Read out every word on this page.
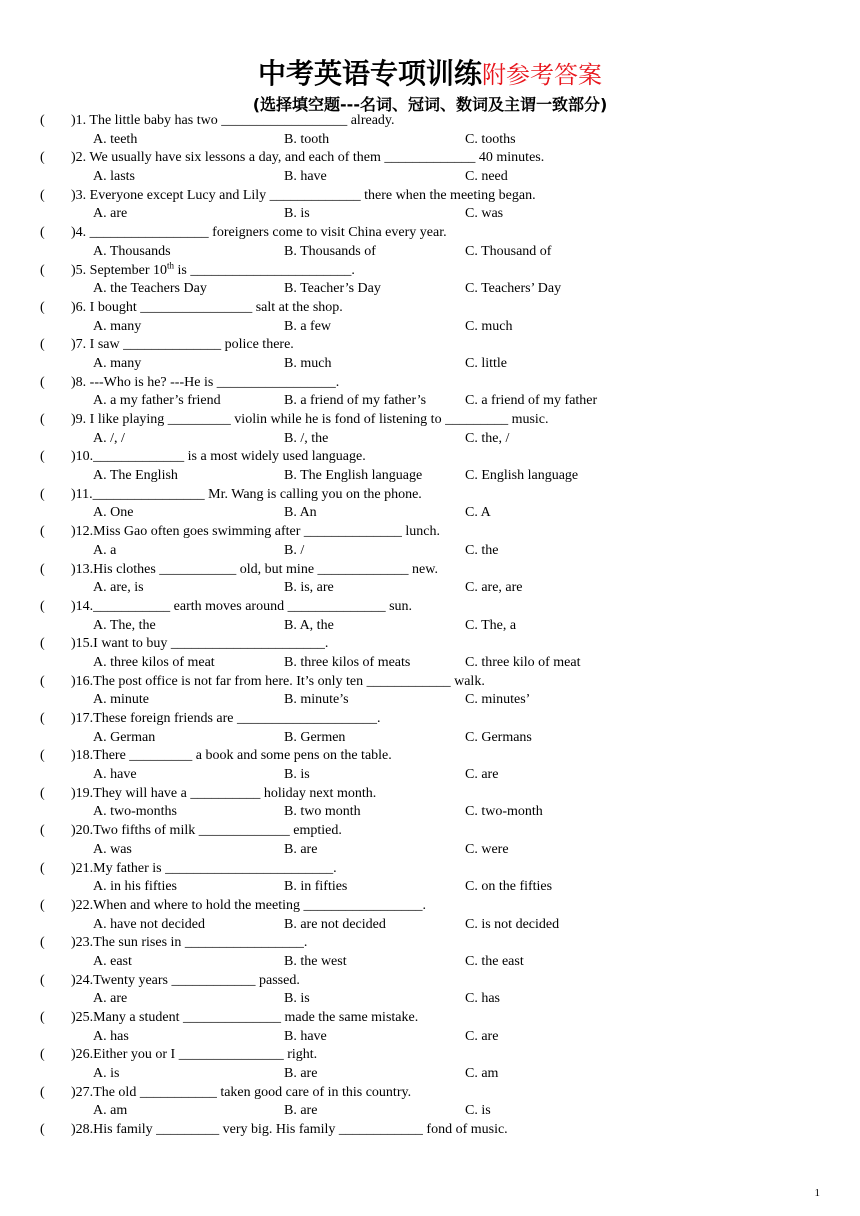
中考英语专项训练附参考答案
(选择填空题---名词、冠词、数词及主谓一致部分)
( )1. The little baby has two __________________ already.
A. teeth	B. tooth	C. tooths
( )2. We usually have six lessons a day, and each of them _____________ 40 minutes.
A. lasts	B. have	C. need
( )3. Everyone except Lucy and Lily _____________ there when the meeting began.
A. are	B. is	C. was
( )4. _________________ foreigners come to visit China every year.
A. Thousands	B. Thousands of	C. Thousand of
( )5. September 10th is _______________________.
A. the Teachers Day	B. Teacher’s Day	C. Teachers’ Day
( )6. I bought ________________ salt at the shop.
A. many	B. a few	C. much
( )7. I saw ______________ police there.
A. many	B. much	C. little
( )8. ---Who is he? ---He is _________________.
A. a my father’s friend	B. a friend of my father’s	C. a friend of my father
( )9. I like playing _________ violin while he is fond of listening to _________ music.
A. /, /	B. /, the	C. the, /
( )10._____________ is a most widely used language.
A. The English	B. The English language	C. English language
( )11.________________ Mr. Wang is calling you on the phone.
A. One	B. An	C. A
( )12.Miss Gao often goes swimming after ______________ lunch.
A. a	B. /	C. the
( )13.His clothes ___________ old, but mine _____________ new.
A. are, is	B. is, are	C. are, are
( )14.___________ earth moves around ______________ sun.
A. The, the	B. A, the	C. The, a
( )15.I want to buy ______________________.
A. three kilos of meat	B. three kilos of meats	C. three kilo of meat
( )16.The post office is not far from here. It’s only ten ____________ walk.
A. minute	B. minute’s	C. minutes’
( )17.These foreign friends are ____________________.
A. German	B. Germen	C. Germans
( )18.There _________ a book and some pens on the table.
A. have	B. is	C. are
( )19.They will have a __________ holiday next month.
A. two-months	B. two month	C. two-month
( )20.Two fifths of milk _____________ emptied.
A. was	B. are	C. were
( )21.My father is ________________________.
A. in his fifties	B. in fifties	C. on the fifties
( )22.When and where to hold the meeting _________________.
A. have not decided	B. are not decided	C. is not decided
( )23.The sun rises in _________________.
A. east	B. the west	C. the east
( )24.Twenty years ____________ passed.
A. are	B. is	C. has
( )25.Many a student ______________ made the same mistake.
A. has	B. have	C. are
( )26.Either you or I _______________ right.
A. is	B. are	C. am
( )27.The old ___________ taken good care of in this country.
A. am	B. are	C. is
( )28.His family _________ very big. His family ____________ fond of music.
1
